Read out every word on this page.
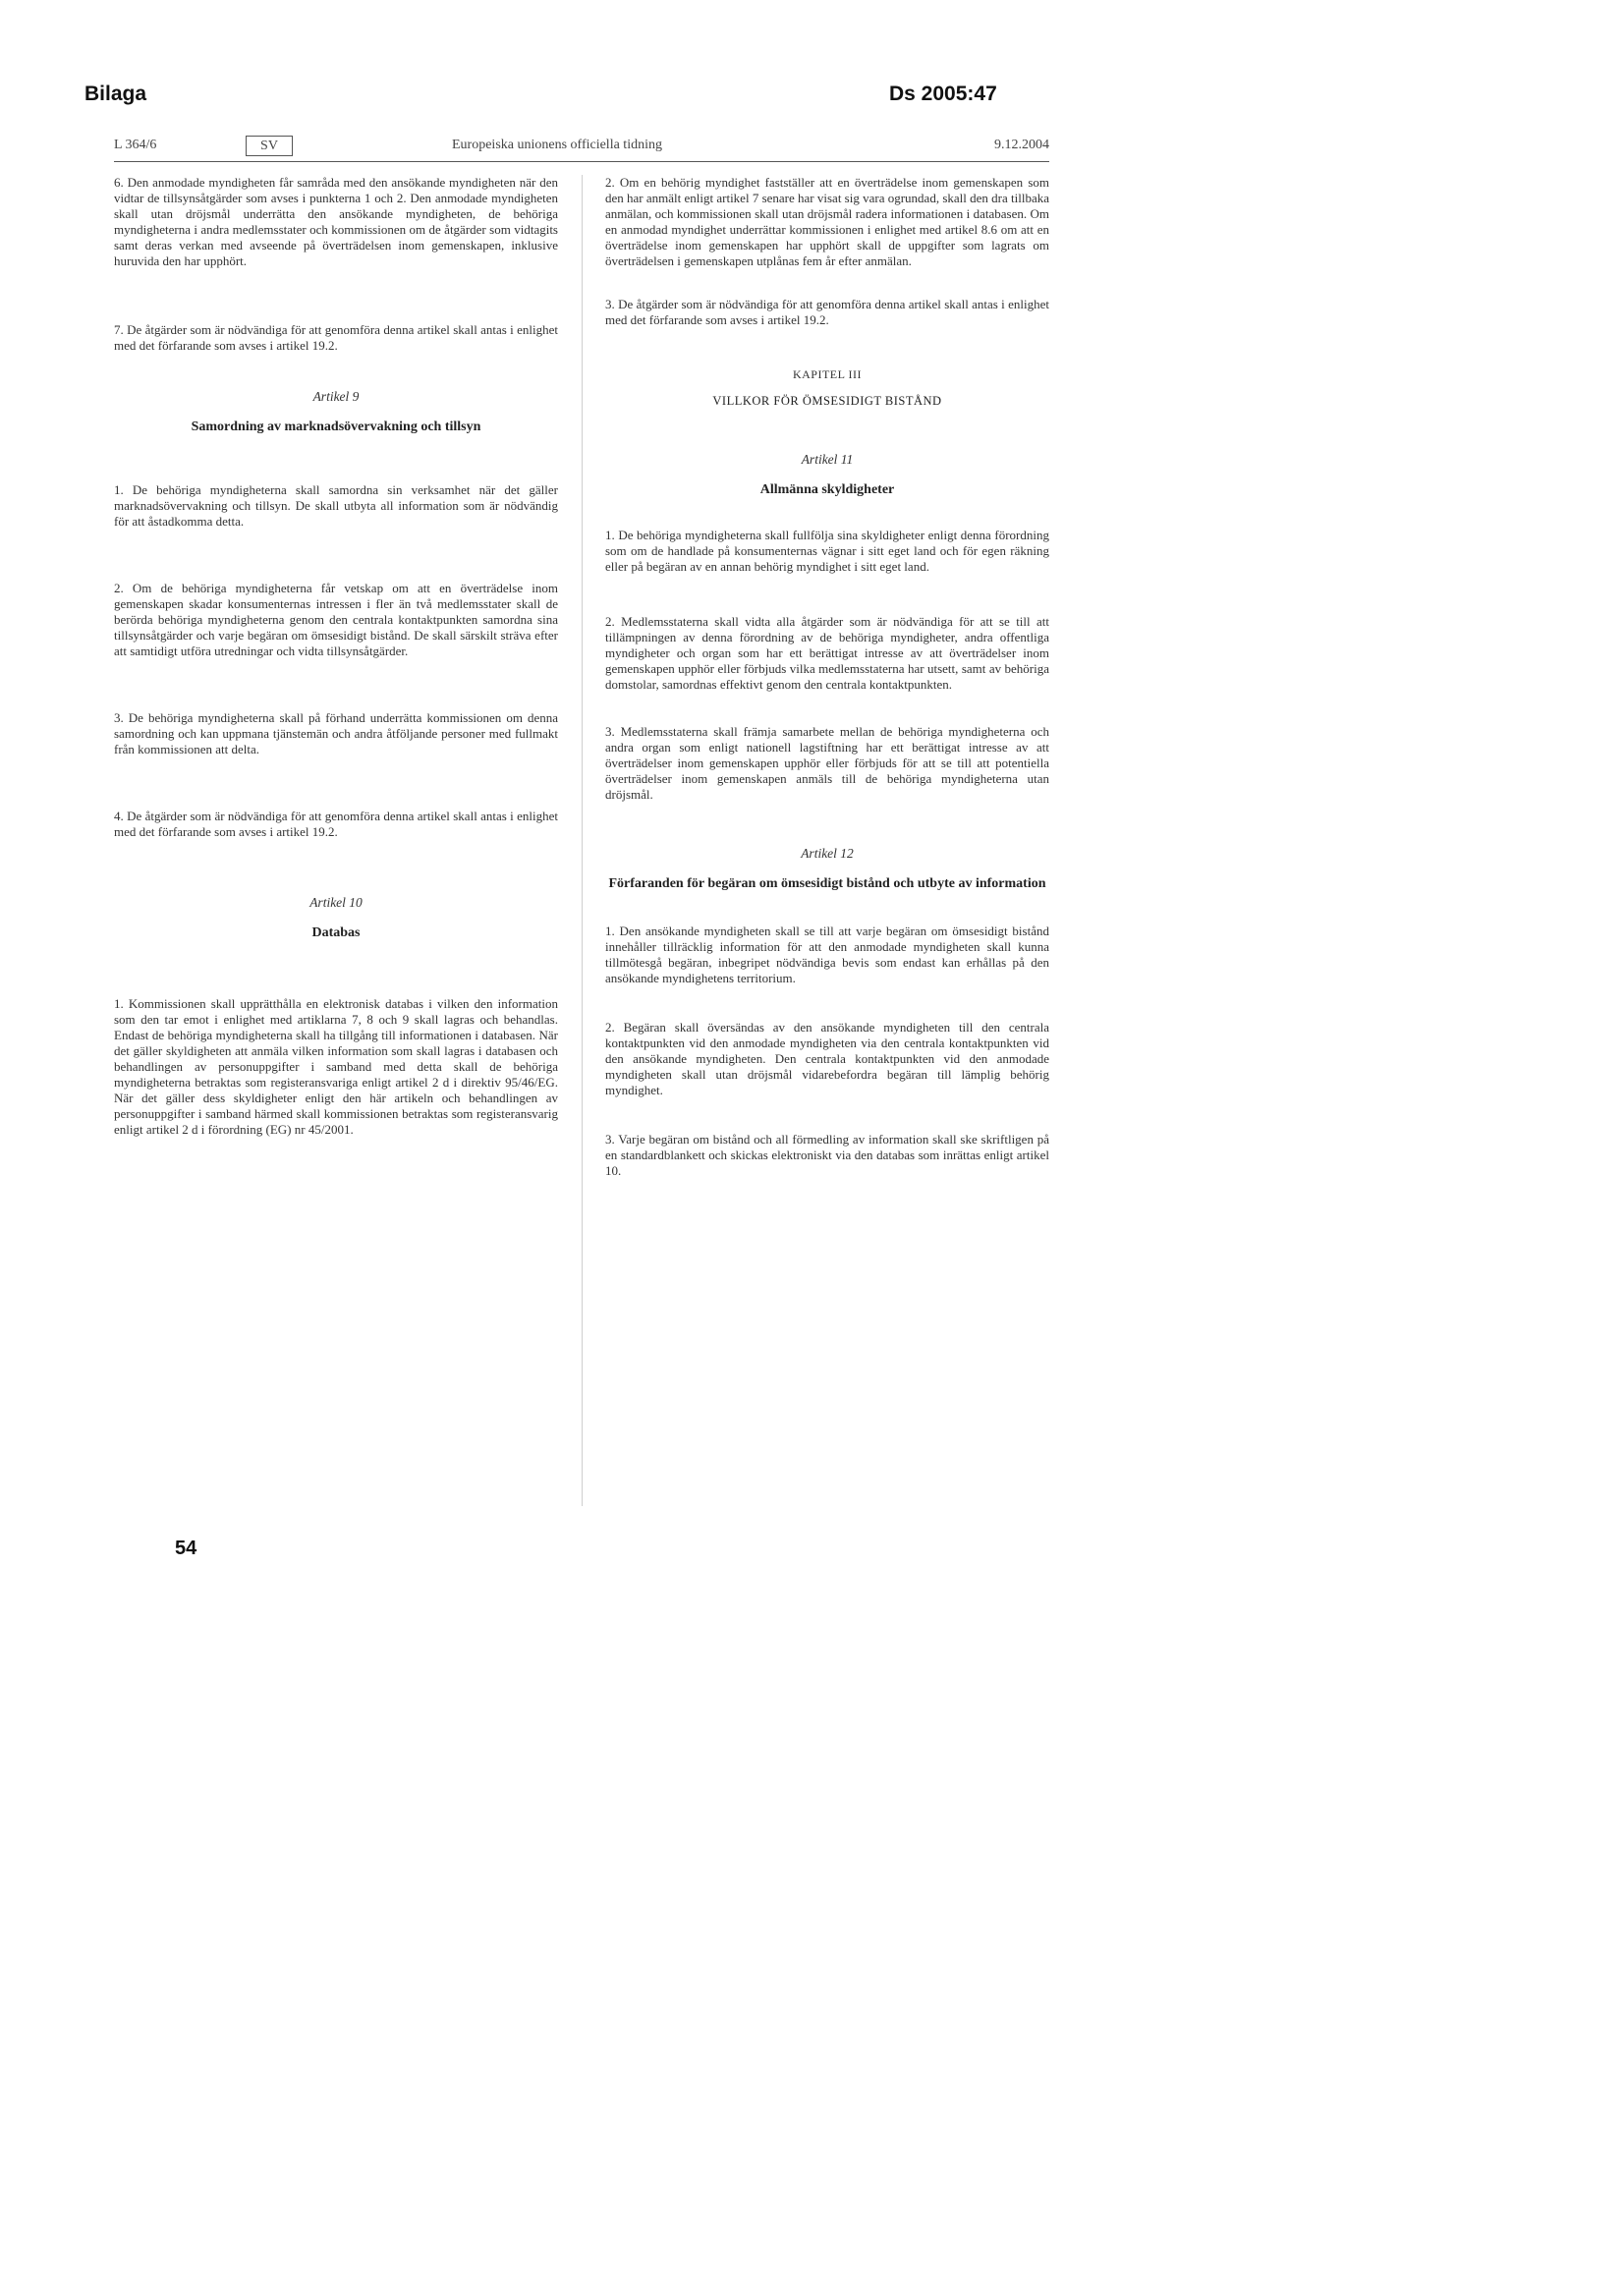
Bilaga	Ds 2005:47
L 364/6	SV	Europeiska unionens officiella tidning	9.12.2004

6. Den anmodade myndigheten får samråda med den ansökande myndigheten när den vidtar de tillsynsåtgärder som avses i punkterna 1 och 2. Den anmodade myndigheten skall utan dröjsmål underrätta den ansökande myndigheten, de behöriga myndigheterna i andra medlemsstater och kommissionen om de åtgärder som vidtagits samt deras verkan med avseende på överträdelsen inom gemenskapen, inklusive huruvida den har upphört.

7. De åtgärder som är nödvändiga för att genomföra denna artikel skall antas i enlighet med det förfarande som avses i artikel 19.2.

Artikel 9

Samordning av marknadsövervakning och tillsyn

1. De behöriga myndigheterna skall samordna sin verksamhet när det gäller marknadsövervakning och tillsyn. De skall utbyta all information som är nödvändig för att åstadkomma detta.

2. Om de behöriga myndigheterna får vetskap om att en överträdelse inom gemenskapen skadar konsumenternas intressen i fler än två medlemsstater skall de berörda behöriga myndigheterna genom den centrala kontaktpunkten samordna sina tillsynsåtgärder och varje begäran om ömsesidigt bistånd. De skall särskilt sträva efter att samtidigt utföra utredningar och vidta tillsynsåtgärder.

3. De behöriga myndigheterna skall på förhand underrätta kommissionen om denna samordning och kan uppmana tjänstemän och andra åtföljande personer med fullmakt från kommissionen att delta.

4. De åtgärder som är nödvändiga för att genomföra denna artikel skall antas i enlighet med det förfarande som avses i artikel 19.2.

Artikel 10

Databas

1. Kommissionen skall upprätthålla en elektronisk databas i vilken den information som den tar emot i enlighet med artiklarna 7, 8 och 9 skall lagras och behandlas. Endast de behöriga myndigheterna skall ha tillgång till informationen i databasen. När det gäller skyldigheten att anmäla vilken information som skall lagras i databasen och behandlingen av personuppgifter i samband med detta skall de behöriga myndigheterna betraktas som registeransvariga enligt artikel 2 d i direktiv 95/46/EG. När det gäller dess skyldigheter enligt den här artikeln och behandlingen av personuppgifter i samband härmed skall kommissionen betraktas som registeransvarig enligt artikel 2 d i förordning (EG) nr 45/2001.

2. Om en behörig myndighet fastställer att en överträdelse inom gemenskapen som den har anmält enligt artikel 7 senare har visat sig vara ogrundad, skall den dra tillbaka anmälan, och kommissionen skall utan dröjsmål radera informationen i databasen. Om en anmodad myndighet underrättar kommissionen i enlighet med artikel 8.6 om att en överträdelse inom gemenskapen har upphört skall de uppgifter som lagrats om överträdelsen i gemenskapen utplånas fem år efter anmälan.

3. De åtgärder som är nödvändiga för att genomföra denna artikel skall antas i enlighet med det förfarande som avses i artikel 19.2.

KAPITEL III

VILLKOR FÖR ÖMSESIDIGT BISTÅND

Artikel 11

Allmänna skyldigheter

1. De behöriga myndigheterna skall fullfölja sina skyldigheter enligt denna förordning som om de handlade på konsumenternas vägnar i sitt eget land och för egen räkning eller på begäran av en annan behörig myndighet i sitt eget land.

2. Medlemsstaterna skall vidta alla åtgärder som är nödvändiga för att se till att tillämpningen av denna förordning av de behöriga myndigheter, andra offentliga myndigheter och organ som har ett berättigat intresse av att överträdelser inom gemenskapen upphör eller förbjuds vilka medlemsstaterna har utsett, samt av behöriga domstolar, samordnas effektivt genom den centrala kontaktpunkten.

3. Medlemsstaterna skall främja samarbete mellan de behöriga myndigheterna och andra organ som enligt nationell lagstiftning har ett berättigat intresse av att överträdelser inom gemenskapen upphör eller förbjuds för att se till att potentiella överträdelser inom gemenskapen anmäls till de behöriga myndigheterna utan dröjsmål.

Artikel 12

Förfaranden för begäran om ömsesidigt bistånd och utbyte av information

1. Den ansökande myndigheten skall se till att varje begäran om ömsesidigt bistånd innehåller tillräcklig information för att den anmodade myndigheten skall kunna tillmötesgå begäran, inbegripet nödvändiga bevis som endast kan erhållas på den ansökande myndighetens territorium.

2. Begäran skall översändas av den ansökande myndigheten till den centrala kontaktpunkten vid den anmodade myndigheten via den centrala kontaktpunkten vid den ansökande myndigheten. Den centrala kontaktpunkten vid den anmodade myndigheten skall utan dröjsmål vidarebefordra begäran till lämplig behörig myndighet.

3. Varje begäran om bistånd och all förmedling av information skall ske skriftligen på en standardblankett och skickas elektroniskt via den databas som inrättas enligt artikel 10.

54
